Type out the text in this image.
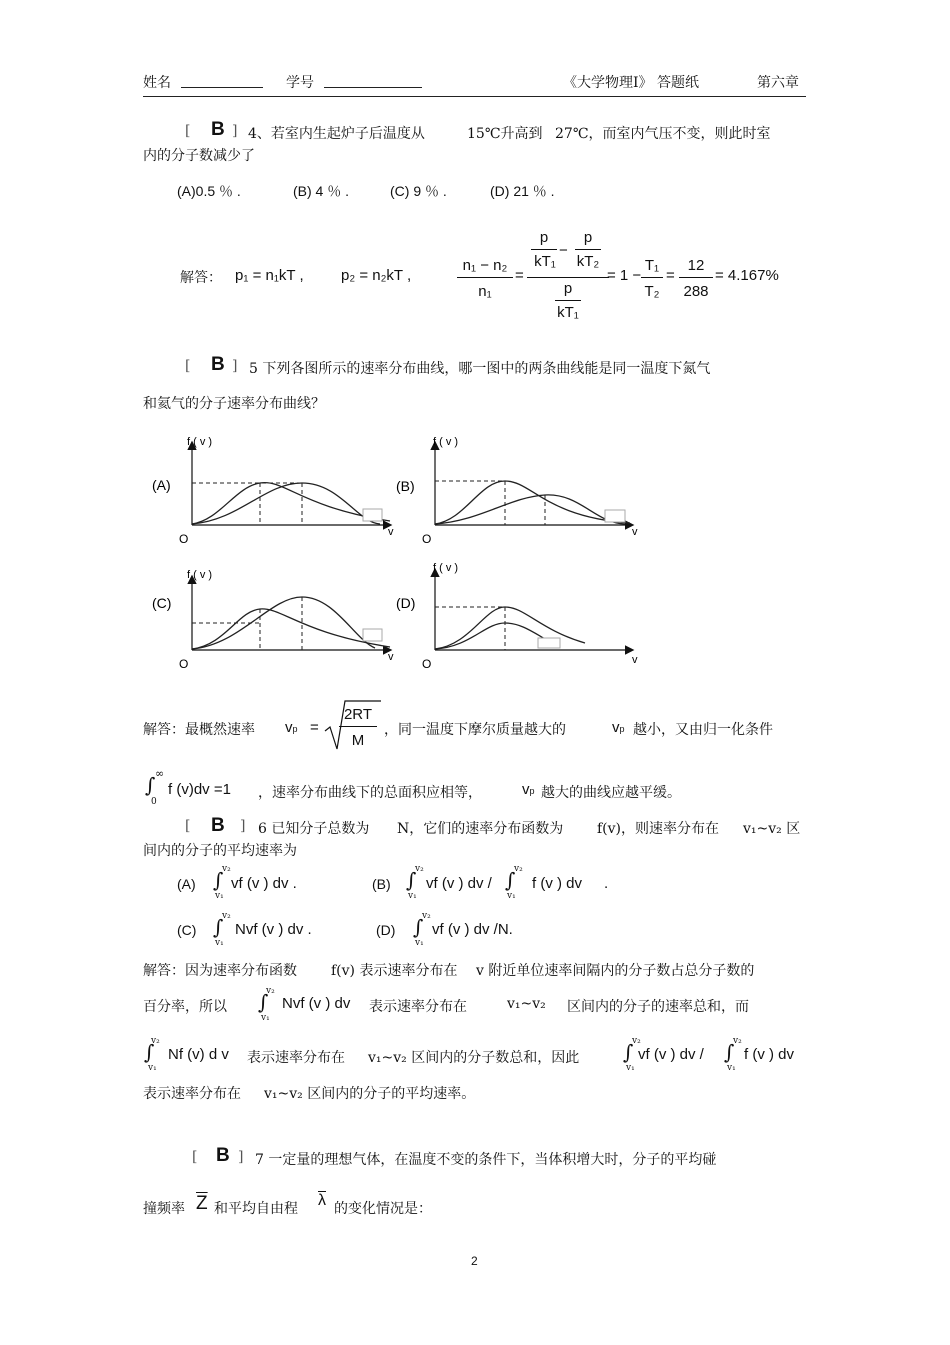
姓名	学号	《大学物理Ⅰ》 答题纸	第六章
[ B ] 4、若室内生起炉子后温度从	15℃升高到 27℃，而室内气压不变，则此时室
内的分子数减少了
(A)0.5 ％ .	(B) 4 ％ .	(C) 9 ％ .	(D) 21 ％ .
解答： p₁ = n₁kT , p₂ = n₂kT ,
n₁ − n₂
n₁
=
p
kT₁
−
p
kT₂
p
kT₁
= 1 −
T₁
T₂
=
12
288
= 4.167%
[ B ] 5 下列各图所示的速率分布曲线，哪一图中的两条曲线能是同一温度下氮气
和氦气的分子速率分布曲线？
f ( v )
(A)
O	v
f ( v )
(B)
O	v
f ( v )
(C)
O	v
f ( v )
(D)
O	v
解答：最概然速率 vp =
2RT
M
，同一温度下摩尔质量越大的	vp 越小，又由归一化条件
∞
∫
0
f (v)dv =1 ，速率分布曲线下的总面积应相等，	vp 越大的曲线应越平缓。
[ B ] 6 已知分子总数为 N，它们的速率分布函数为 f(v)，则速率分布在 v₁~v₂ 区
间内的分子的平均速率为
(A)
v₂
∫
v₁
vf (v ) dv .	(B)
v₂
∫
v₁
vf (v ) dv /
v₂
∫
v₁
f (v ) dv .
(C)
v₂
∫
v₁
Nvf (v ) dv .	(D)
v₂
∫
v₁
vf (v ) dv /N.
解答：因为速率分布函数 f(v) 表示速率分布在 v 附近单位速率间隔内的分子数占总分子数的
百分率，所以
v₂
∫
v₁
Nvf (v ) dv 表示速率分布在	v₁~v₂ 区间内的分子的速率总和，而
v₂
∫
v₁
Nf (v) d v 表示速率分布在 v₁~v₂ 区间内的分子数总和，因此
v₂
∫
v₁
vf (v ) dv /
v₂
∫
v₁
f (v ) dv
表示速率分布在 v₁~v₂ 区间内的分子的平均速率。
[ B ] 7 一定量的理想气体，在温度不变的条件下，当体积增大时，分子的平均碰
撞频率 $\overline{Z}$ 和平均自由程 $\overline{\lambda}$ 的变化情况是：
2
